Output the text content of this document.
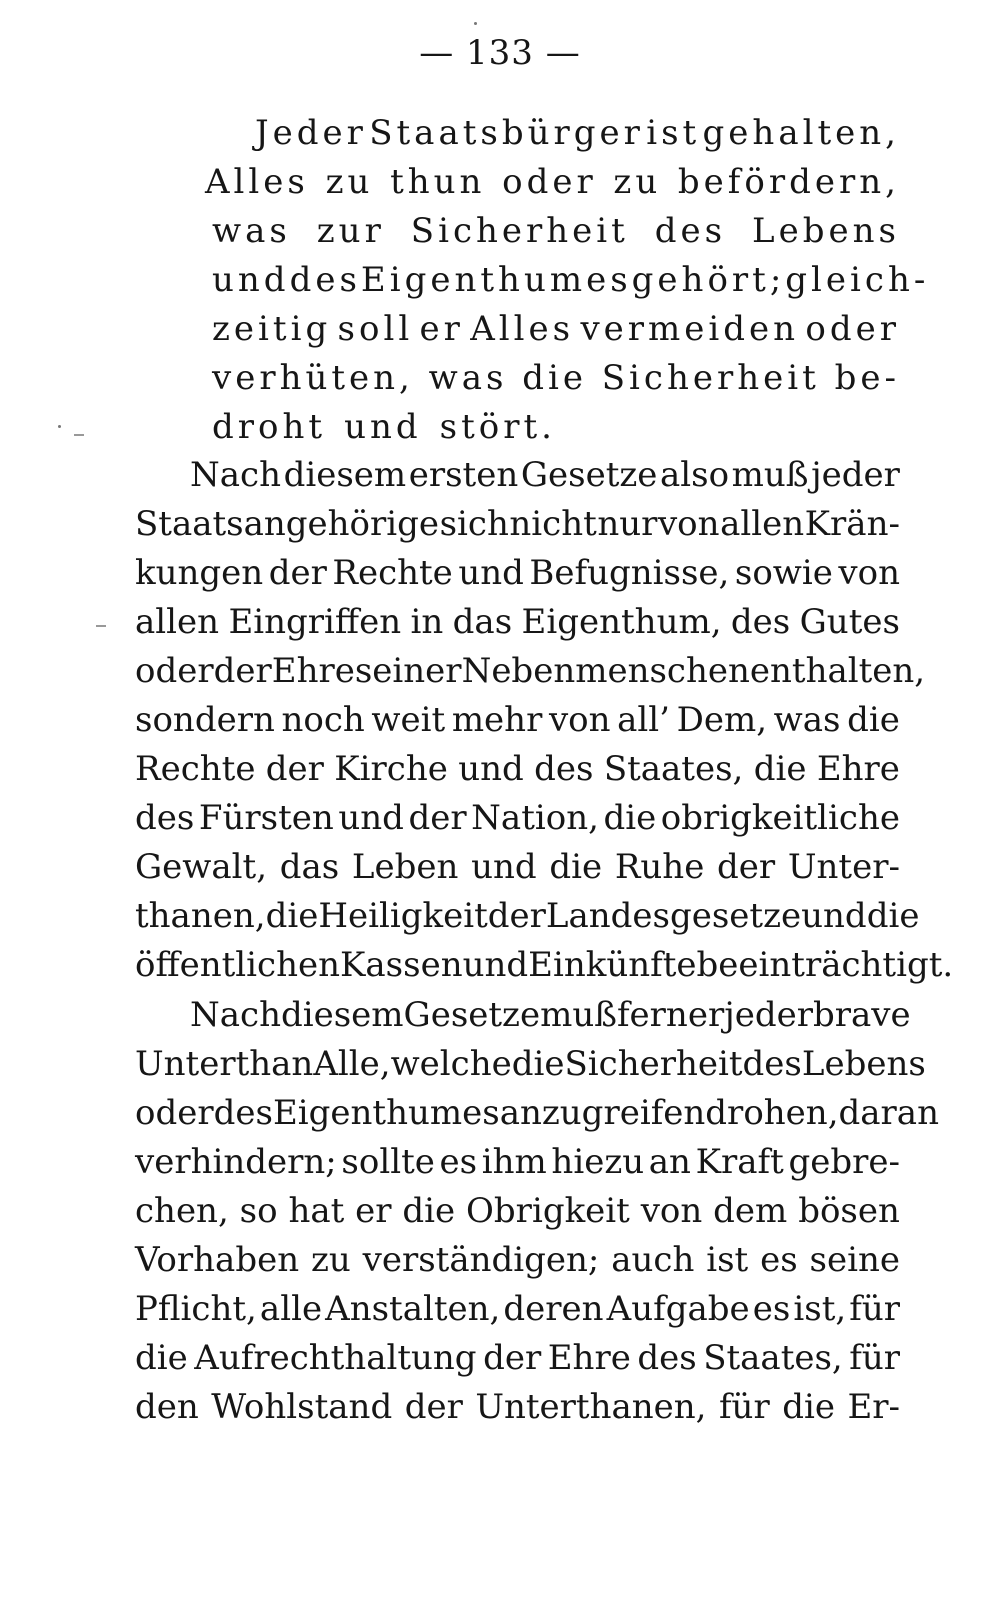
— 133 —
Jeder Staatsbürger ist gehalten,
Alles zu thun oder zu befördern,
was zur Sicherheit des Lebens
und des Eigenthumes gehört; gleich-
zeitig soll er Alles vermeiden oder
verhüten, was die Sicherheit be-
droht und stört.
Nach diesem ersten Gesetze also muß jeder
Staatsangehörige sich nicht nur von allen Krän-
kungen der Rechte und Befugnisse, sowie von
allen Eingriffen in das Eigenthum, des Gutes
oder der Ehre seiner Nebenmenschen enthalten,
sondern noch weit mehr von all’ Dem, was die
Rechte der Kirche und des Staates, die Ehre
des Fürsten und der Nation, die obrigkeitliche
Gewalt, das Leben und die Ruhe der Unter-
thanen, die Heiligkeit der Landesgesetze und die
öffentlichen Kassen und Einkünfte beeinträchtigt.
Nach diesem Gesetze muß ferner jeder brave
Unterthan Alle, welche die Sicherheit des Lebens
oder des Eigenthumes anzugreifen drohen, daran
verhindern; sollte es ihm hiezu an Kraft gebre-
chen, so hat er die Obrigkeit von dem bösen
Vorhaben zu verständigen; auch ist es seine
Pflicht, alle Anstalten, deren Aufgabe es ist, für
die Aufrechthaltung der Ehre des Staates, für
den Wohlstand der Unterthanen, für die Er-
